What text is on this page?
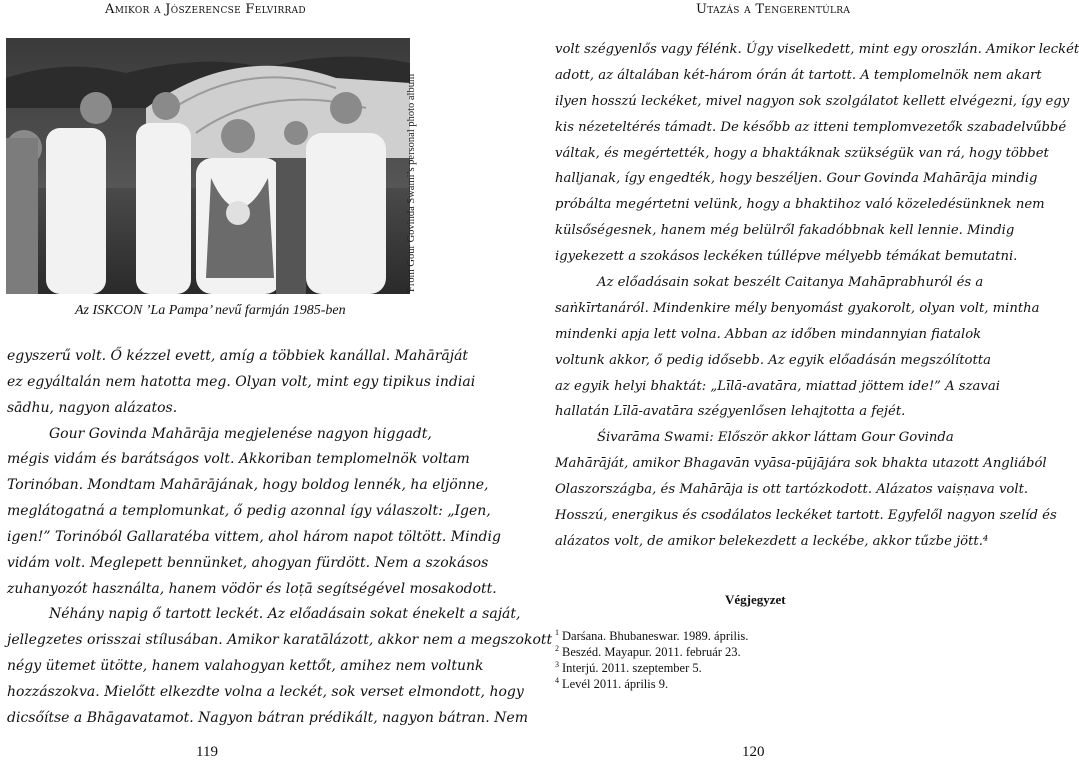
Amikor a Jószerencse Felvirrad
From Gour Govinda Swami’s personal photo album
Az ISKCON ’La Pampa’ nevű farmján 1985-ben
egyszerű volt. Ő kézzel evett, amíg a többiek kanállal. Mahārāját
ez egyáltalán nem hatotta meg. Olyan volt, mint egy tipikus indiai
sādhu, nagyon alázatos.
Gour Govinda Mahārāja megjelenése nagyon higgadt,
mégis vidám és barátságos volt. Akkoriban templomelnök voltam
Torinóban. Mondtam Mahārājának, hogy boldog lennék, ha eljönne,
meglátogatná a templomunkat, ő pedig azonnal így válaszolt: „Igen,
igen!” Torinóból Gallaratéba vittem, ahol három napot töltött. Mindig
vidám volt. Meglepett bennünket, ahogyan fürdött. Nem a szokásos
zuhanyozót használta, hanem vödör és loṭā segítségével mosakodott.
Néhány napig ő tartott leckét. Az előadásain sokat énekelt a saját,
jellegzetes orisszai stílusában. Amikor karatālázott, akkor nem a megszokott
négy ütemet ütötte, hanem valahogyan kettőt, amihez nem voltunk
hozzászokva. Mielőtt elkezdte volna a leckét, sok verset elmondott, hogy
dicsőítse a Bhāgavatamot. Nagyon bátran prédikált, nagyon bátran. Nem
119
Utazás a Tengerentúlra
volt szégyenlős vagy félénk. Úgy viselkedett, mint egy oroszlán. Amikor leckét
adott, az általában két-három órán át tartott. A templomelnök nem akart
ilyen hosszú leckéket, mivel nagyon sok szolgálatot kellett elvégezni, így egy
kis nézeteltérés támadt. De később az itteni templomvezetők szabadelvűbbé
váltak, és megértették, hogy a bhaktáknak szükségük van rá, hogy többet
halljanak, így engedték, hogy beszéljen. Gour Govinda Mahārāja mindig
próbálta megértetni velünk, hogy a bhaktihoz való közeledésünknek nem
külsőségesnek, hanem még belülről fakadóbbnak kell lennie. Mindig
igyekezett a szokásos leckéken túllépve mélyebb témákat bemutatni.
Az előadásain sokat beszélt Caitanya Mahāprabhuról és a
saṅkīrtanáról. Mindenkire mély benyomást gyakorolt, olyan volt, mintha
mindenki apja lett volna. Abban az időben mindannyian fiatalok
voltunk akkor, ő pedig idősebb. Az egyik előadásán megszólította
az egyik helyi bhaktát: „Līlā-avatāra, miattad jöttem ide!” A szavai
hallatán Līlā-avatāra szégyenlősen lehajtotta a fejét.
Śivarāma Swami: Először akkor láttam Gour Govinda
Mahārāját, amikor Bhagavān vyāsa-pūjājára sok bhakta utazott Angliából
Olaszországba, és Mahārāja is ott tartózkodott. Alázatos vaiṣṇava volt.
Hosszú, energikus és csodálatos leckéket tartott. Egyfelől nagyon szelíd és
alázatos volt, de amikor belekezdett a leckébe, akkor tűzbe jött.⁴
Végjegyzet
$^1$ Darśana. Bhubaneswar. 1989. április.
$^2$ Beszéd. Mayapur. 2011. február 23.
$^3$ Interjú. 2011. szeptember 5.
$^4$ Levél 2011. április 9.
120
